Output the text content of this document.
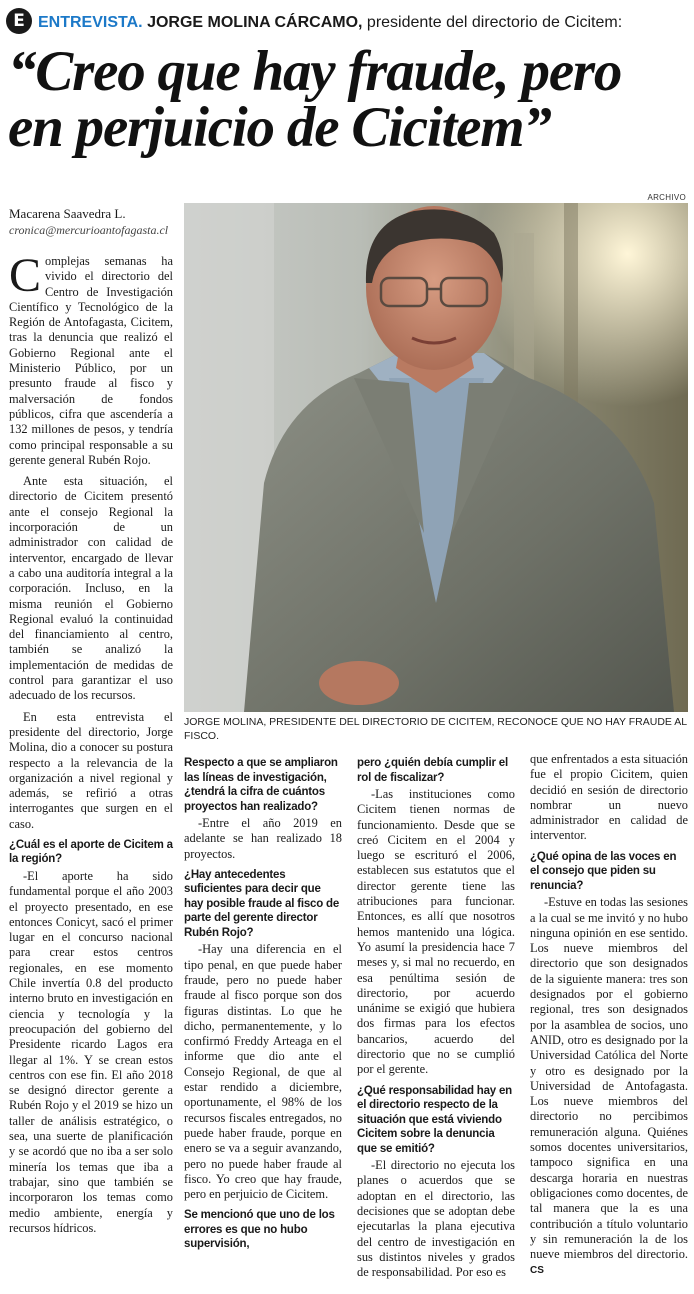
E ENTREVISTA. JORGE MOLINA CÁRCAMO, presidente del directorio de Cicitem:
“Creo que hay fraude, pero
en perjuicio de Cicitem”
Macarena Saavedra L.
cronica@mercurioantofagasta.cl
ARCHIVO
JORGE MOLINA, PRESIDENTE DEL DIRECTORIO DE CICITEM, RECONOCE QUE NO HAY FRAUDE AL FISCO.

Complejas semanas ha vivido el directorio del Centro de Investigación Científico y Tecnológico de la Región de Antofagasta, Cicitem, tras la denuncia que realizó el Gobierno Regional ante el Ministerio Público, por un presunto fraude al fisco y malversación de fondos públicos, cifra que ascendería a 132 millones de pesos, y tendría como principal responsable a su gerente general Rubén Rojo.

Ante esta situación, el directorio de Cicitem presentó ante el consejo Regional la incorporación de un administrador con calidad de interventor, encargado de llevar a cabo una auditoría integral a la corporación. Incluso, en la misma reunión el Gobierno Regional evaluó la continuidad del financiamiento al centro, también se analizó la implementación de medidas de control para garantizar el uso adecuado de los recursos.

En esta entrevista el presidente del directorio, Jorge Molina, dio a conocer su postura respecto a la relevancia de la organización a nivel regional y además, se refirió a otras interrogantes que surgen en el caso.

¿Cuál es el aporte de Cicitem a la región?

-El aporte ha sido fundamental porque el año 2003 el proyecto presentado, en ese entonces Conicyt, sacó el primer lugar en el concurso nacional para crear estos centros regionales, en ese momento Chile invertía 0.8 del producto interno bruto en investigación en ciencia y tecnología y la preocupación del gobierno del Presidente ricardo Lagos era llegar al 1%. Y se crean estos centros con ese fin. El año 2018 se designó director gerente a Rubén Rojo y el 2019 se hizo un taller de análisis estratégico, o sea, una suerte de planificación y se acordó que no iba a ser solo minería los temas que iba a trabajar, sino que también se incorporaron los temas como medio ambiente, energía y recursos hídricos.

Respecto a que se ampliaron las líneas de investigación, ¿tendrá la cifra de cuántos proyectos han realizado?

-Entre el año 2019 en adelante se han realizado 18 proyectos.

¿Hay antecedentes suficientes para decir que hay posible fraude al fisco de parte del gerente director Rubén Rojo?

-Hay una diferencia en el tipo penal, en que puede haber fraude, pero no puede haber fraude al fisco porque son dos figuras distintas. Lo que he dicho, permanentemente, y lo confirmó Freddy Arteaga en el informe que dio ante el Consejo Regional, de que al estar rendido a diciembre, oportunamente, el 98% de los recursos fiscales entregados, no puede haber fraude, porque en enero se va a seguir avanzando, pero no puede haber fraude al fisco. Yo creo que hay fraude, pero en perjuicio de Cicitem.

Se mencionó que uno de los errores es que no hubo supervisión,
pero ¿quién debía cumplir el rol de fiscalizar?

-Las instituciones como Cicitem tienen normas de funcionamiento. Desde que se creó Cicitem en el 2004 y luego se escrituró el 2006, establecen sus estatutos que el director gerente tiene las atribuciones para funcionar. Entonces, es allí que nosotros hemos mantenido una lógica. Yo asumí la presidencia hace 7 meses y, si mal no recuerdo, en esa penúltima sesión de directorio, por acuerdo unánime se exigió que hubiera dos firmas para los efectos bancarios, acuerdo del directorio que no se cumplió por el gerente.

¿Qué responsabilidad hay en el directorio respecto de la situación que está viviendo Cicitem sobre la denuncia que se emitió?

-El directorio no ejecuta los planes o acuerdos que se adoptan en el directorio, las decisiones que se adoptan debe ejecutarlas la plana ejecutiva del centro de investigación en sus distintos niveles y grados de responsabilidad. Por eso es

que enfrentados a esta situación fue el propio Cicitem, quien decidió en sesión de directorio nombrar un nuevo administrador en calidad de interventor.

¿Qué opina de las voces en el consejo que piden su renuncia?

-Estuve en todas las sesiones a la cual se me invitó y no hubo ninguna opinión en ese sentido. Los nueve miembros del directorio que son designados de la siguiente manera: tres son designados por el gobierno regional, tres son designados por la asamblea de socios, uno ANID, otro es designado por la Universidad Católica del Norte y otro es designado por la Universidad de Antofagasta. Los nueve miembros del directorio no percibimos remuneración alguna. Quiénes somos docentes universitarios, tampoco significa en una descarga horaria en nuestras obligaciones como docentes, de tal manera que la es una contribución a título voluntario y sin remuneración la de los nueve miembros del directorio. CS
